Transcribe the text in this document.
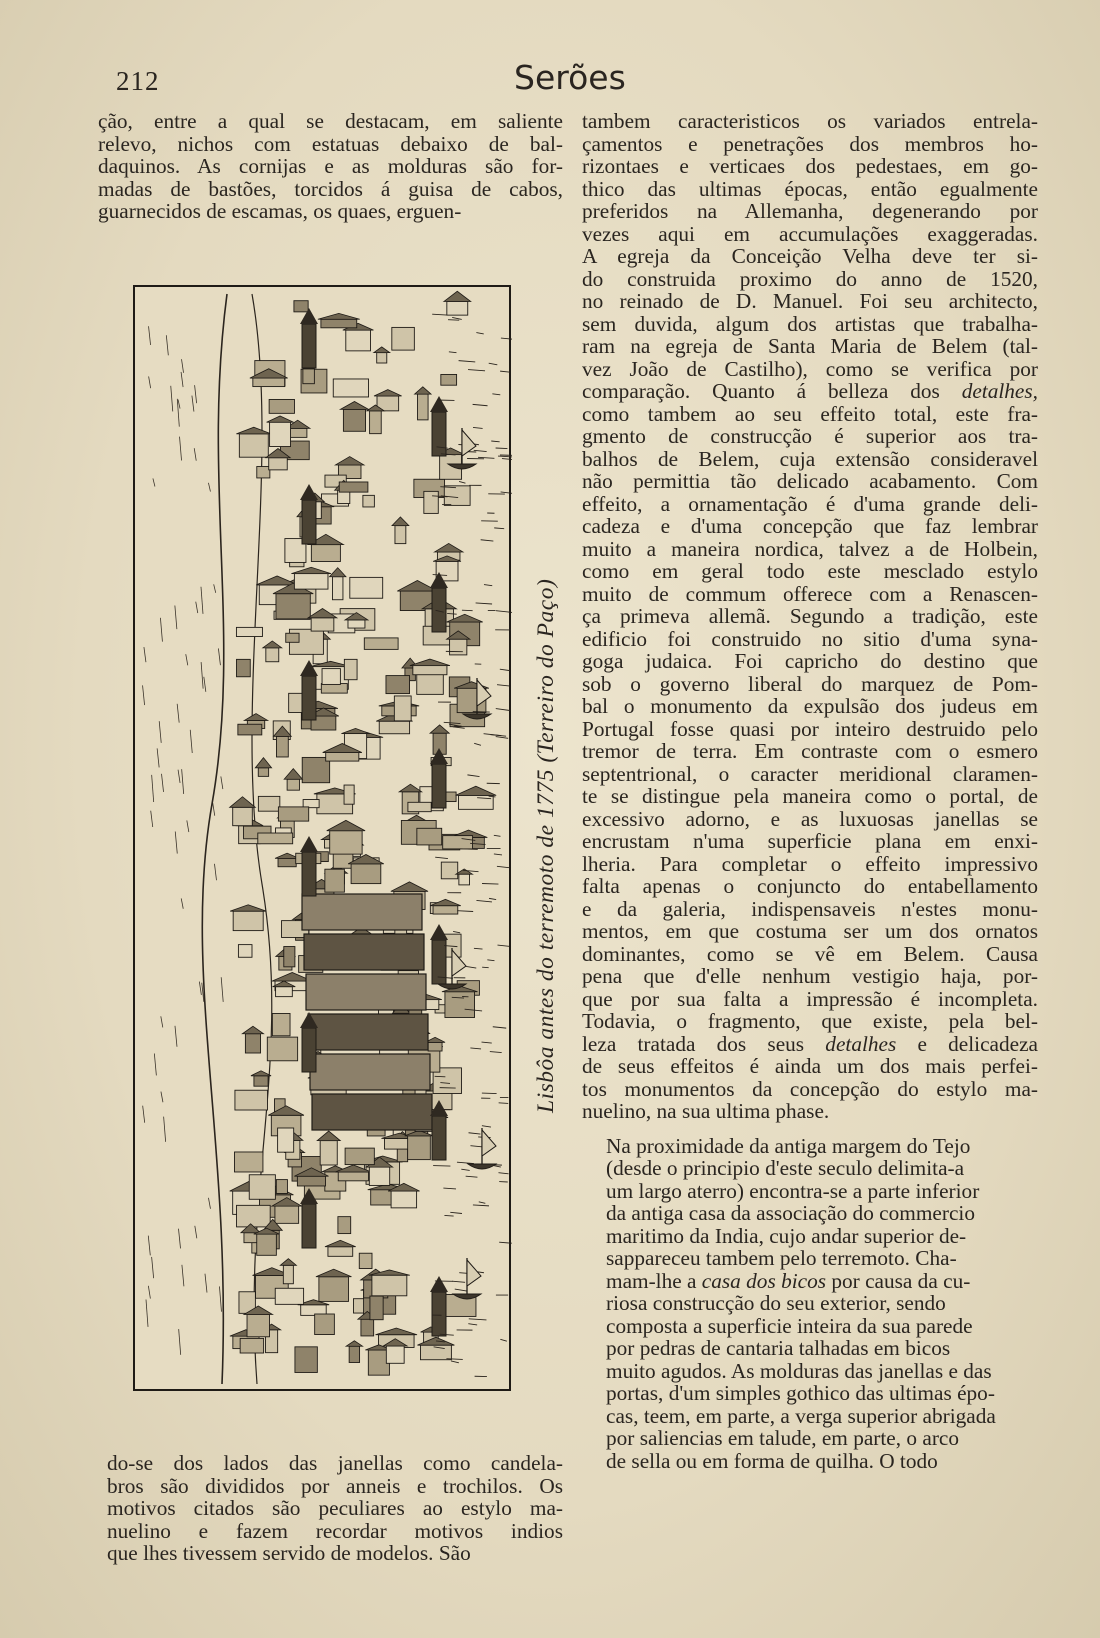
212	Serões
ção, entre a qual se destacam, em saliente
relevo, nichos com estatuas debaixo de bal-
daquinos. As cornijas e as molduras são for-
madas de bastões, torcidos á guisa de cabos,
guarnecidos de escamas, os quaes, erguen-
Lisbôa antes do terremoto de 1775 (Terreiro do Paço)
do-se dos lados das janellas como candela-
bros são divididos por anneis e trochilos. Os
motivos citados são peculiares ao estylo ma-
nuelino e fazem recordar motivos indios
que lhes tivessem servido de modelos. São

tambem caracteristicos os variados entrela-
çamentos e penetrações dos membros ho-
rizontaes e verticaes dos pedestaes, em go-
thico das ultimas épocas, então egualmente
preferidos na Allemanha, degenerando por
vezes aqui em accumulações exaggeradas.
A egreja da Conceição Velha deve ter si-
do construida proximo do anno de 1520,
no reinado de D. Manuel. Foi seu architecto,
sem duvida, algum dos artistas que trabalha-
ram na egreja de Santa Maria de Belem (tal-
vez João de Castilho), como se verifica por
comparação. Quanto á belleza dos detalhes,
como tambem ao seu effeito total, este fra-
gmento de construcção é superior aos tra-
balhos de Belem, cuja extensão consideravel
não permittia tão delicado acabamento. Com
effeito, a ornamentação é d'uma grande deli-
cadeza e d'uma concepção que faz lembrar
muito a maneira nordica, talvez a de Holbein,
como em geral todo este mesclado estylo
muito de commum offerece com a Renascen-
ça primeva allemã. Segundo a tradição, este
edificio foi construido no sitio d'uma syna-
goga judaica. Foi capricho do destino que
sob o governo liberal do marquez de Pom-
bal o monumento da expulsão dos judeus em
Portugal fosse quasi por inteiro destruido pelo
tremor de terra. Em contraste com o esmero
septentrional, o caracter meridional claramen-
te se distingue pela maneira como o portal, de
excessivo adorno, e as luxuosas janellas se
encrustam n'uma superficie plana em enxi-
lheria. Para completar o effeito impressivo
falta apenas o conjuncto do entabellamento
e da galeria, indispensaveis n'estes monu-
mentos, em que costuma ser um dos ornatos
dominantes, como se vê em Belem. Causa
pena que d'elle nenhum vestigio haja, por-
que por sua falta a impressão é incompleta.
Todavia, o fragmento, que existe, pela bel-
leza tratada dos seus detalhes e delicadeza
de seus effeitos é ainda um dos mais perfei-
tos monumentos da concepção do estylo ma-
nuelino, na sua ultima phase.

Na proximidade da antiga margem do Tejo
(desde o principio d'este seculo delimita-a
um largo aterro) encontra-se a parte inferior
da antiga casa da associação do commercio
maritimo da India, cujo andar superior de-
sappareceu tambem pelo terremoto. Cha-
mam-lhe a casa dos bicos por causa da cu-
riosa construcção do seu exterior, sendo
composta a superficie inteira da sua parede
por pedras de cantaria talhadas em bicos
muito agudos. As molduras das janellas e das
portas, d'um simples gothico das ultimas épo-
cas, teem, em parte, a verga superior abrigada
por saliencias em talude, em parte, o arco
de sella ou em forma de quilha. O todo
